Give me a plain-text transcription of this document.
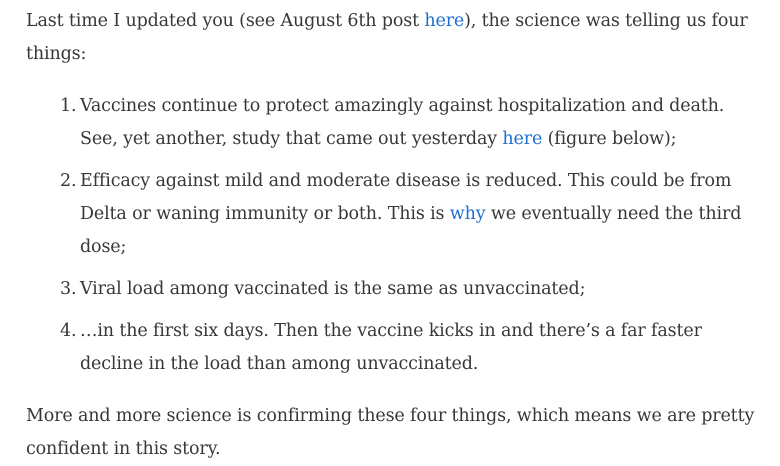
Last time I updated you (see August 6th post here), the science was telling us four things:

1. Vaccines continue to protect amazingly against hospitalization and death. See, yet another, study that came out yesterday here (figure below);
2. Efficacy against mild and moderate disease is reduced. This could be from Delta or waning immunity or both. This is why we eventually need the third dose;
3. Viral load among vaccinated is the same as unvaccinated;
4. …in the first six days. Then the vaccine kicks in and there’s a far faster decline in the load than among unvaccinated.

More and more science is confirming these four things, which means we are pretty confident in this story.
